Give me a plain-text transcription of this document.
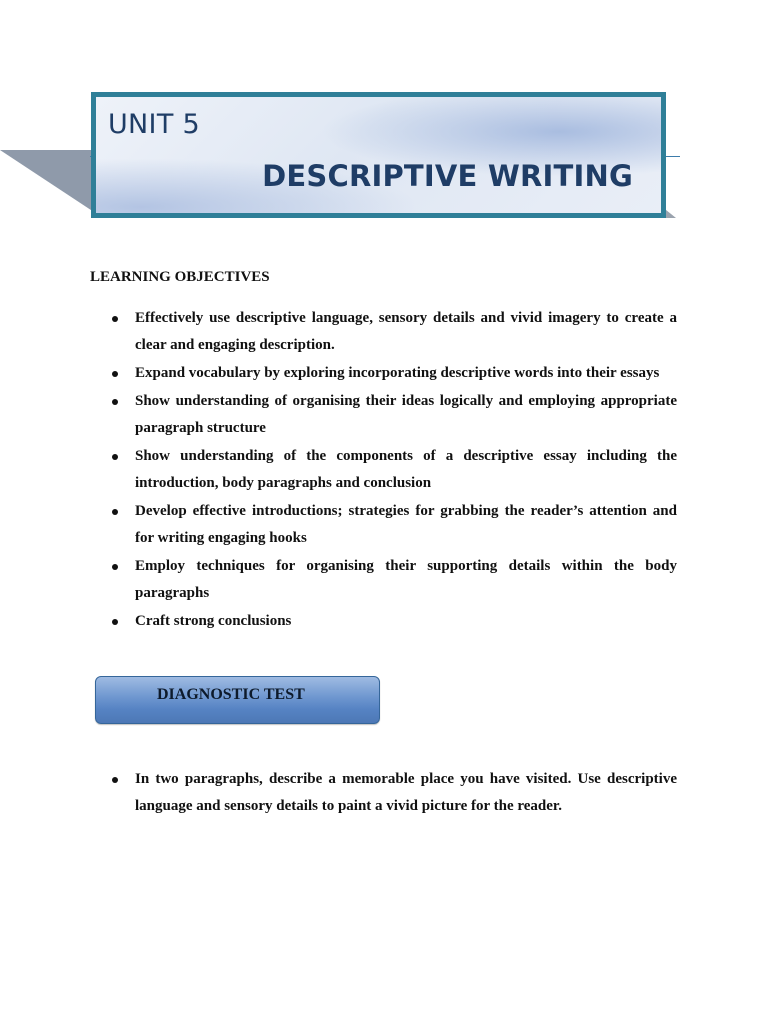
UNIT 5
DESCRIPTIVE WRITING
LEARNING OBJECTIVES
Effectively use descriptive language, sensory details and vivid imagery to create a clear and engaging description.
Expand vocabulary by exploring incorporating descriptive words into their essays
Show understanding of organising their ideas logically and employing appropriate paragraph structure
Show understanding of the components of a descriptive essay including the introduction, body paragraphs and conclusion
Develop effective introductions; strategies for grabbing the reader’s attention and for writing engaging hooks
Employ techniques for organising their supporting details within the body paragraphs
Craft strong conclusions
DIAGNOSTIC TEST
In two paragraphs, describe a memorable place you have visited. Use descriptive language and sensory details to paint a vivid picture for the reader.
